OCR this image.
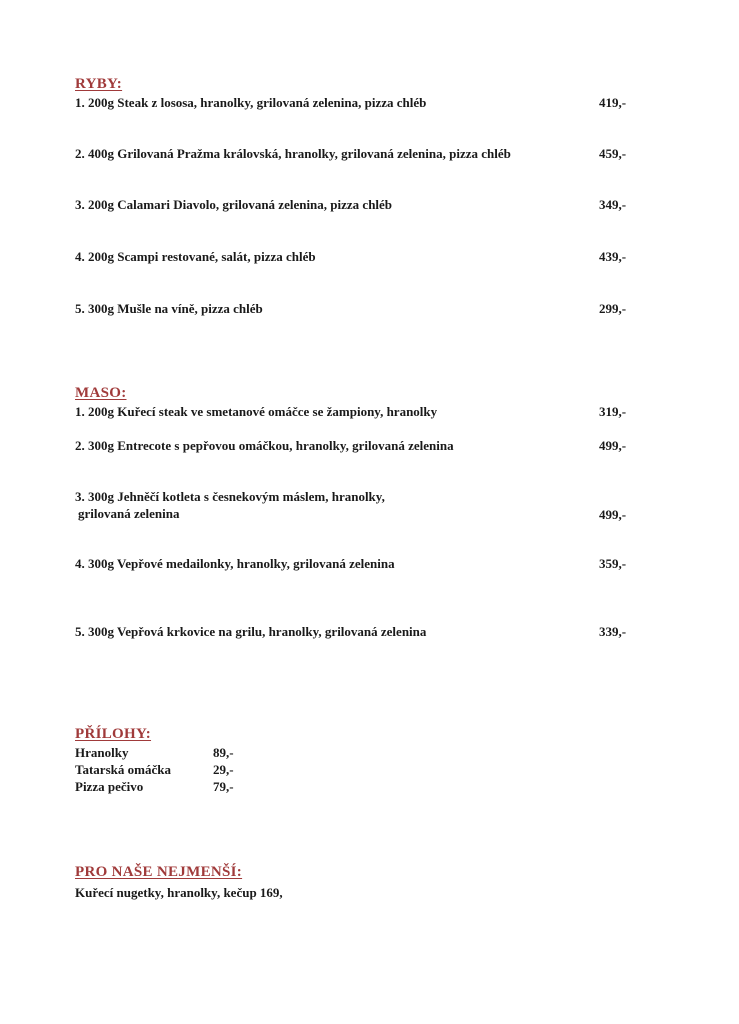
RYBY:
1. 200g Steak z lososa, hranolky, grilovaná zelenina, pizza chléb	419,-
2. 400g Grilovaná Pražma královská, hranolky, grilovaná zelenina, pizza chléb	459,-
3. 200g Calamari Diavolo, grilovaná zelenina, pizza chléb	349,-
4. 200g Scampi restované, salát, pizza chléb	439,-
5. 300g Mušle na víně, pizza chléb	299,-
MASO:
1. 200g Kuřecí steak ve smetanové omáčce se žampiony, hranolky	319,-
2. 300g Entrecote s pepřovou omáčkou, hranolky, grilovaná zelenina	499,-
3. 300g Jehněčí kotleta s česnekovým máslem, hranolky,
grilovaná zelenina	499,-
4. 300g Vepřové medailonky, hranolky, grilovaná zelenina	359,-
5. 300g Vepřová krkovice na grilu, hranolky, grilovaná zelenina	339,-
PŘÍLOHY:
Hranolky	89,-
Tatarská omáčka	29,-
Pizza pečivo	79,-
PRO NAŠE NEJMENŠÍ:
Kuřecí nugetky, hranolky, kečup 169,
